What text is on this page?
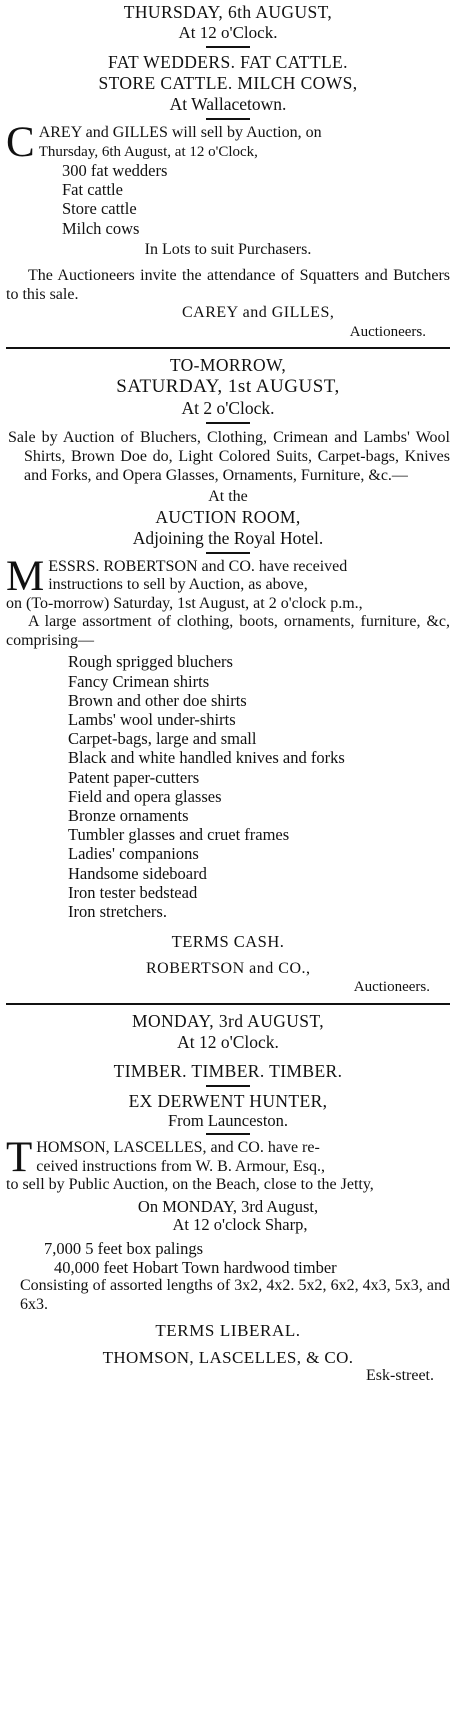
THURSDAY, 6th AUGUST,
At 12 o'Clock.
FAT WEDDERS. FAT CATTLE.
STORE CATTLE. MILCH COWS,
At Wallacetown.
C AREY and GILLES will sell by Auction, on
Thursday, 6th August, at 12 o'Clock,
300 fat wedders
Fat cattle
Store cattle
Milch cows
In Lots to suit Purchasers.
The Auctioneers invite the attendance of Squatters and Butchers to this sale.
CAREY and GILLES,
Auctioneers.
TO-MORROW,
SATURDAY, 1st AUGUST,
At 2 o'Clock.
Sale by Auction of Bluchers, Clothing, Crimean and Lambs' Wool Shirts, Brown Doe do, Light Colored Suits, Carpet-bags, Knives and Forks, and Opera Glasses, Ornaments, Furniture, &c.—
At the
AUCTION ROOM,
Adjoining the Royal Hotel.
M ESSRS. ROBERTSON and CO. have received
instructions to sell by Auction, as above,
on (To-morrow) Saturday, 1st August, at 2 o'clock p.m.,
A large assortment of clothing, boots, ornaments, furniture, &c, comprising—
Rough sprigged bluchers
Fancy Crimean shirts
Brown and other doe shirts
Lambs' wool under-shirts
Carpet-bags, large and small
Black and white handled knives and forks
Patent paper-cutters
Field and opera glasses
Bronze ornaments
Tumbler glasses and cruet frames
Ladies' companions
Handsome sideboard
Iron tester bedstead
Iron stretchers.
TERMS CASH.
ROBERTSON and CO.,
Auctioneers.
MONDAY, 3rd AUGUST,
At 12 o'Clock.
TIMBER. TIMBER. TIMBER.
EX DERWENT HUNTER,
From Launceston.
T HOMSON, LASCELLES, and CO. have re-
ceived instructions from W. B. Armour, Esq.,
to sell by Public Auction, on the Beach, close to the Jetty,
On MONDAY, 3rd August,
At 12 o'clock Sharp,
7,000 5 feet box palings
40,000 feet Hobart Town hardwood timber
Consisting of assorted lengths of 3x2, 4x2. 5x2, 6x2, 4x3, 5x3, and 6x3.
TERMS LIBERAL.
THOMSON, LASCELLES, & CO.
Esk-street.
